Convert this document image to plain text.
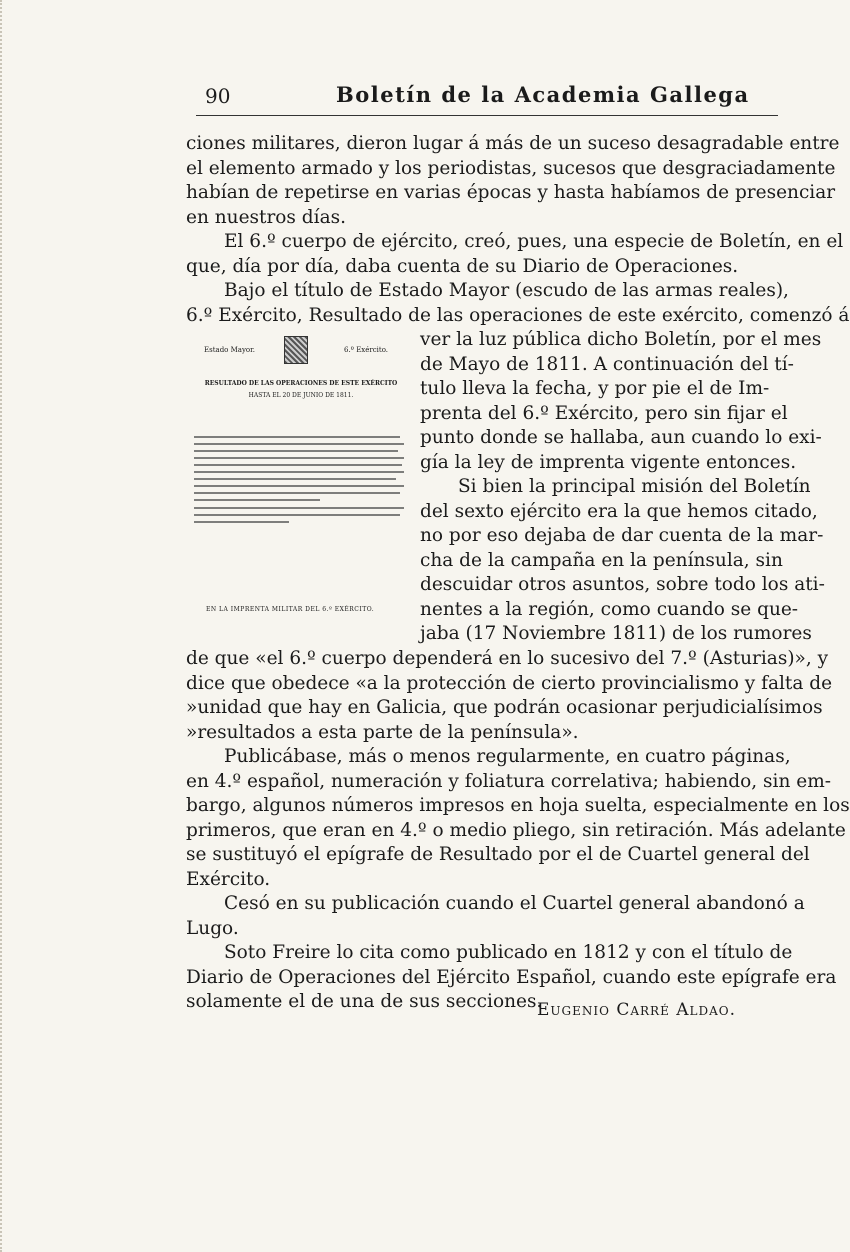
90	Boletín de la Academia Gallega
ciones militares, dieron lugar á más de un suceso desagradable entre
el elemento armado y los periodistas, sucesos que desgraciadamente
habían de repetirse en varias épocas y hasta habíamos de presenciar
en nuestros días.
El 6.º cuerpo de ejército, creó, pues, una especie de Boletín, en el
que, día por día, daba cuenta de su Diario de Operaciones.
Bajo el título de Estado Mayor (escudo de las armas reales),
6.º Exército, Resultado de las operaciones de este exército, comenzó á
Estado Mayor.	6.º Exército.
RESULTADO DE LAS OPERACIONES DE ESTE EXÉRCITO
HASTA EL 20 DE JUNIO DE 1811.
EN LA IMPRENTA MILITAR DEL 6.º EXÉRCITO.
ver la luz pública dicho Boletín, por el mes
de Mayo de 1811. A continuación del tí-
tulo lleva la fecha, y por pie el de Im-
prenta del 6.º Exército, pero sin fijar el
punto donde se hallaba, aun cuando lo exi-
gía la ley de imprenta vigente entonces.
Si bien la principal misión del Boletín
del sexto ejército era la que hemos citado,
no por eso dejaba de dar cuenta de la mar-
cha de la campaña en la península, sin
descuidar otros asuntos, sobre todo los ati-
nentes a la región, como cuando se que-
jaba (17 Noviembre 1811) de los rumores
de que «el 6.º cuerpo dependerá en lo sucesivo del 7.º (Asturias)», y
dice que obedece «a la protección de cierto provincialismo y falta de
»unidad que hay en Galicia, que podrán ocasionar perjudicialísimos
»resultados a esta parte de la península».
Publicábase, más o menos regularmente, en cuatro páginas,
en 4.º español, numeración y foliatura correlativa; habiendo, sin em-
bargo, algunos números impresos en hoja suelta, especialmente en los
primeros, que eran en 4.º o medio pliego, sin retiración. Más adelante
se sustituyó el epígrafe de Resultado por el de Cuartel general del
Exército.
Cesó en su publicación cuando el Cuartel general abandonó a
Lugo.
Soto Freire lo cita como publicado en 1812 y con el título de
Diario de Operaciones del Ejército Español, cuando este epígrafe era
solamente el de una de sus secciones.
Eugenio Carré Aldao.
